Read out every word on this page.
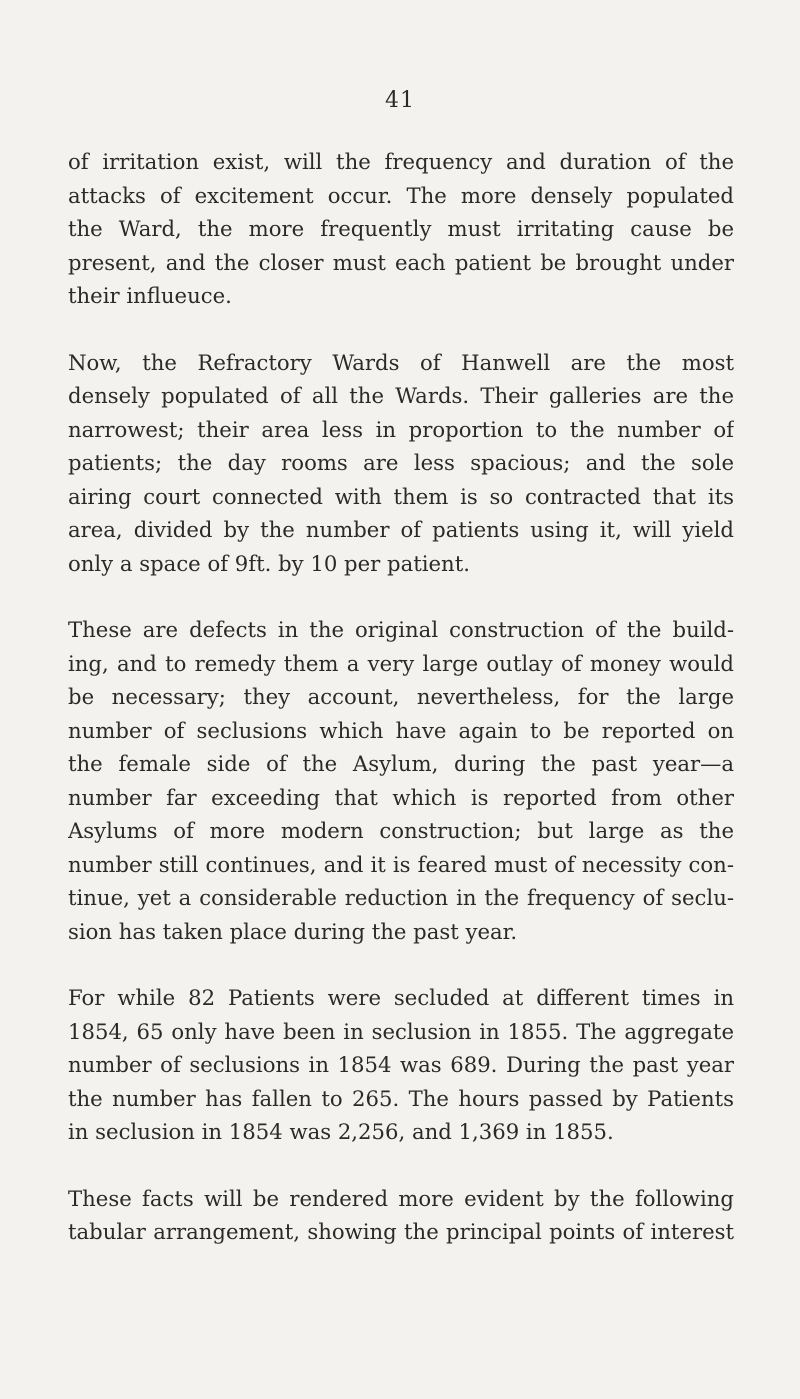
41

of irritation exist, will the frequency and duration of the
attacks of excitement occur. The more densely populated
the Ward, the more frequently must irritating cause be
present, and the closer must each patient be brought under
their influeuce.

Now, the Refractory Wards of Hanwell are the most
densely populated of all the Wards. Their galleries are the
narrowest; their area less in proportion to the number of
patients; the day rooms are less spacious; and the sole
airing court connected with them is so contracted that its
area, divided by the number of patients using it, will yield
only a space of 9ft. by 10 per patient.

These are defects in the original construction of the build-
ing, and to remedy them a very large outlay of money would
be necessary; they account, nevertheless, for the large
number of seclusions which have again to be reported on
the female side of the Asylum, during the past year—a
number far exceeding that which is reported from other
Asylums of more modern construction; but large as the
number still continues, and it is feared must of necessity con-
tinue, yet a considerable reduction in the frequency of seclu-
sion has taken place during the past year.

For while 82 Patients were secluded at different times in
1854, 65 only have been in seclusion in 1855. The aggregate
number of seclusions in 1854 was 689. During the past year
the number has fallen to 265. The hours passed by Patients
in seclusion in 1854 was 2,256, and 1,369 in 1855.

These facts will be rendered more evident by the following
tabular arrangement, showing the principal points of interest
